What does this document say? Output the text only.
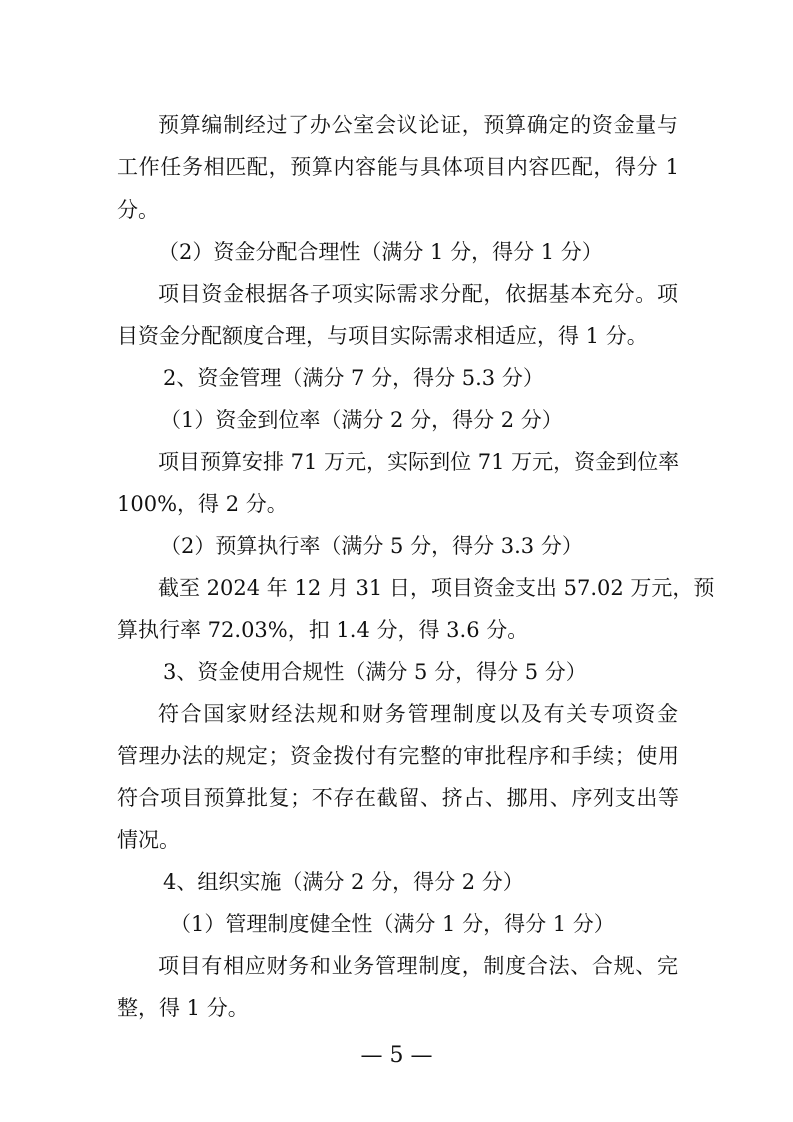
预算编制经过了办公室会议论证，预算确定的资金量与
工作任务相匹配，预算内容能与具体项目内容匹配，得分 1
分。
（2）资金分配合理性（满分 1 分，得分 1 分）
项目资金根据各子项实际需求分配，依据基本充分。项
目资金分配额度合理，与项目实际需求相适应，得 1 分。
2、资金管理（满分 7 分，得分 5.3 分）
（1）资金到位率（满分 2 分，得分 2 分）
项目预算安排 71 万元，实际到位 71 万元，资金到位率
100%，得 2 分。
（2）预算执行率（满分 5 分，得分 3.3 分）
截至 2024 年 12 月 31 日，项目资金支出 57.02 万元，预
算执行率 72.03%，扣 1.4 分，得 3.6 分。
3、资金使用合规性（满分 5 分，得分 5 分）
符合国家财经法规和财务管理制度以及有关专项资金
管理办法的规定；资金拨付有完整的审批程序和手续；使用
符合项目预算批复；不存在截留、挤占、挪用、序列支出等
情况。
4、组织实施（满分 2 分，得分 2 分）
（1）管理制度健全性（满分 1 分，得分 1 分）
项目有相应财务和业务管理制度，制度合法、合规、完
整，得 1 分。
— 5 —
